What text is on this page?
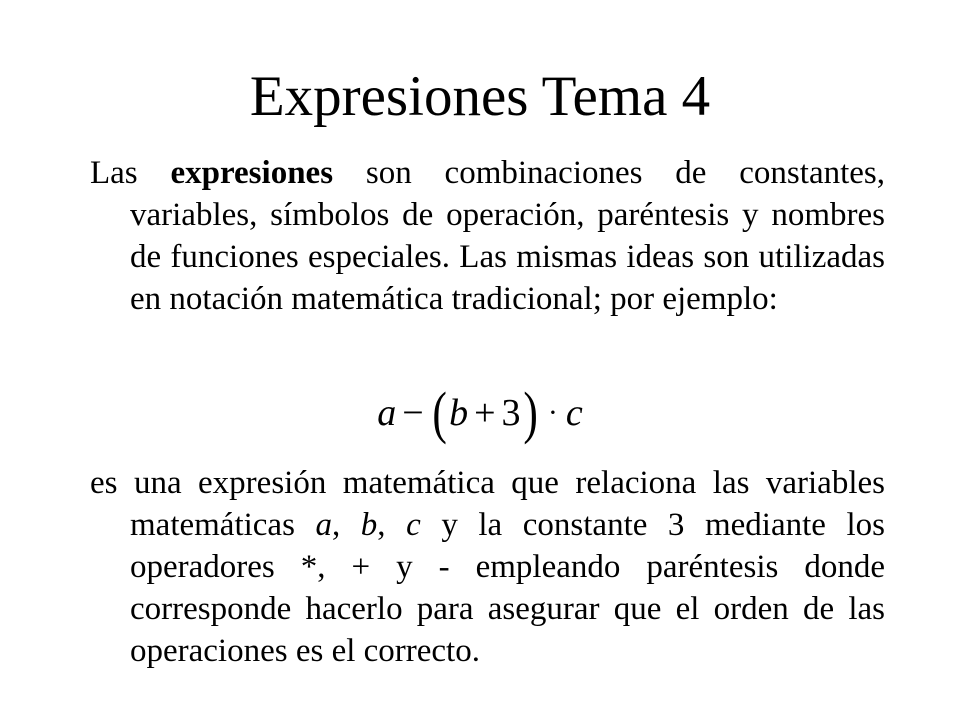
Expresiones Tema 4

Las expresiones son combinaciones de constantes, variables, símbolos de operación, paréntesis y nombres de funciones especiales. Las mismas ideas son utilizadas en notación matemática tradicional; por ejemplo:

a − ( b + 3 ) · c

es una expresión matemática que relaciona las variables matemáticas a, b, c y la constante 3 mediante los operadores *, + y - empleando paréntesis donde corresponde hacerlo para asegurar que el orden de las operaciones es el correcto.
